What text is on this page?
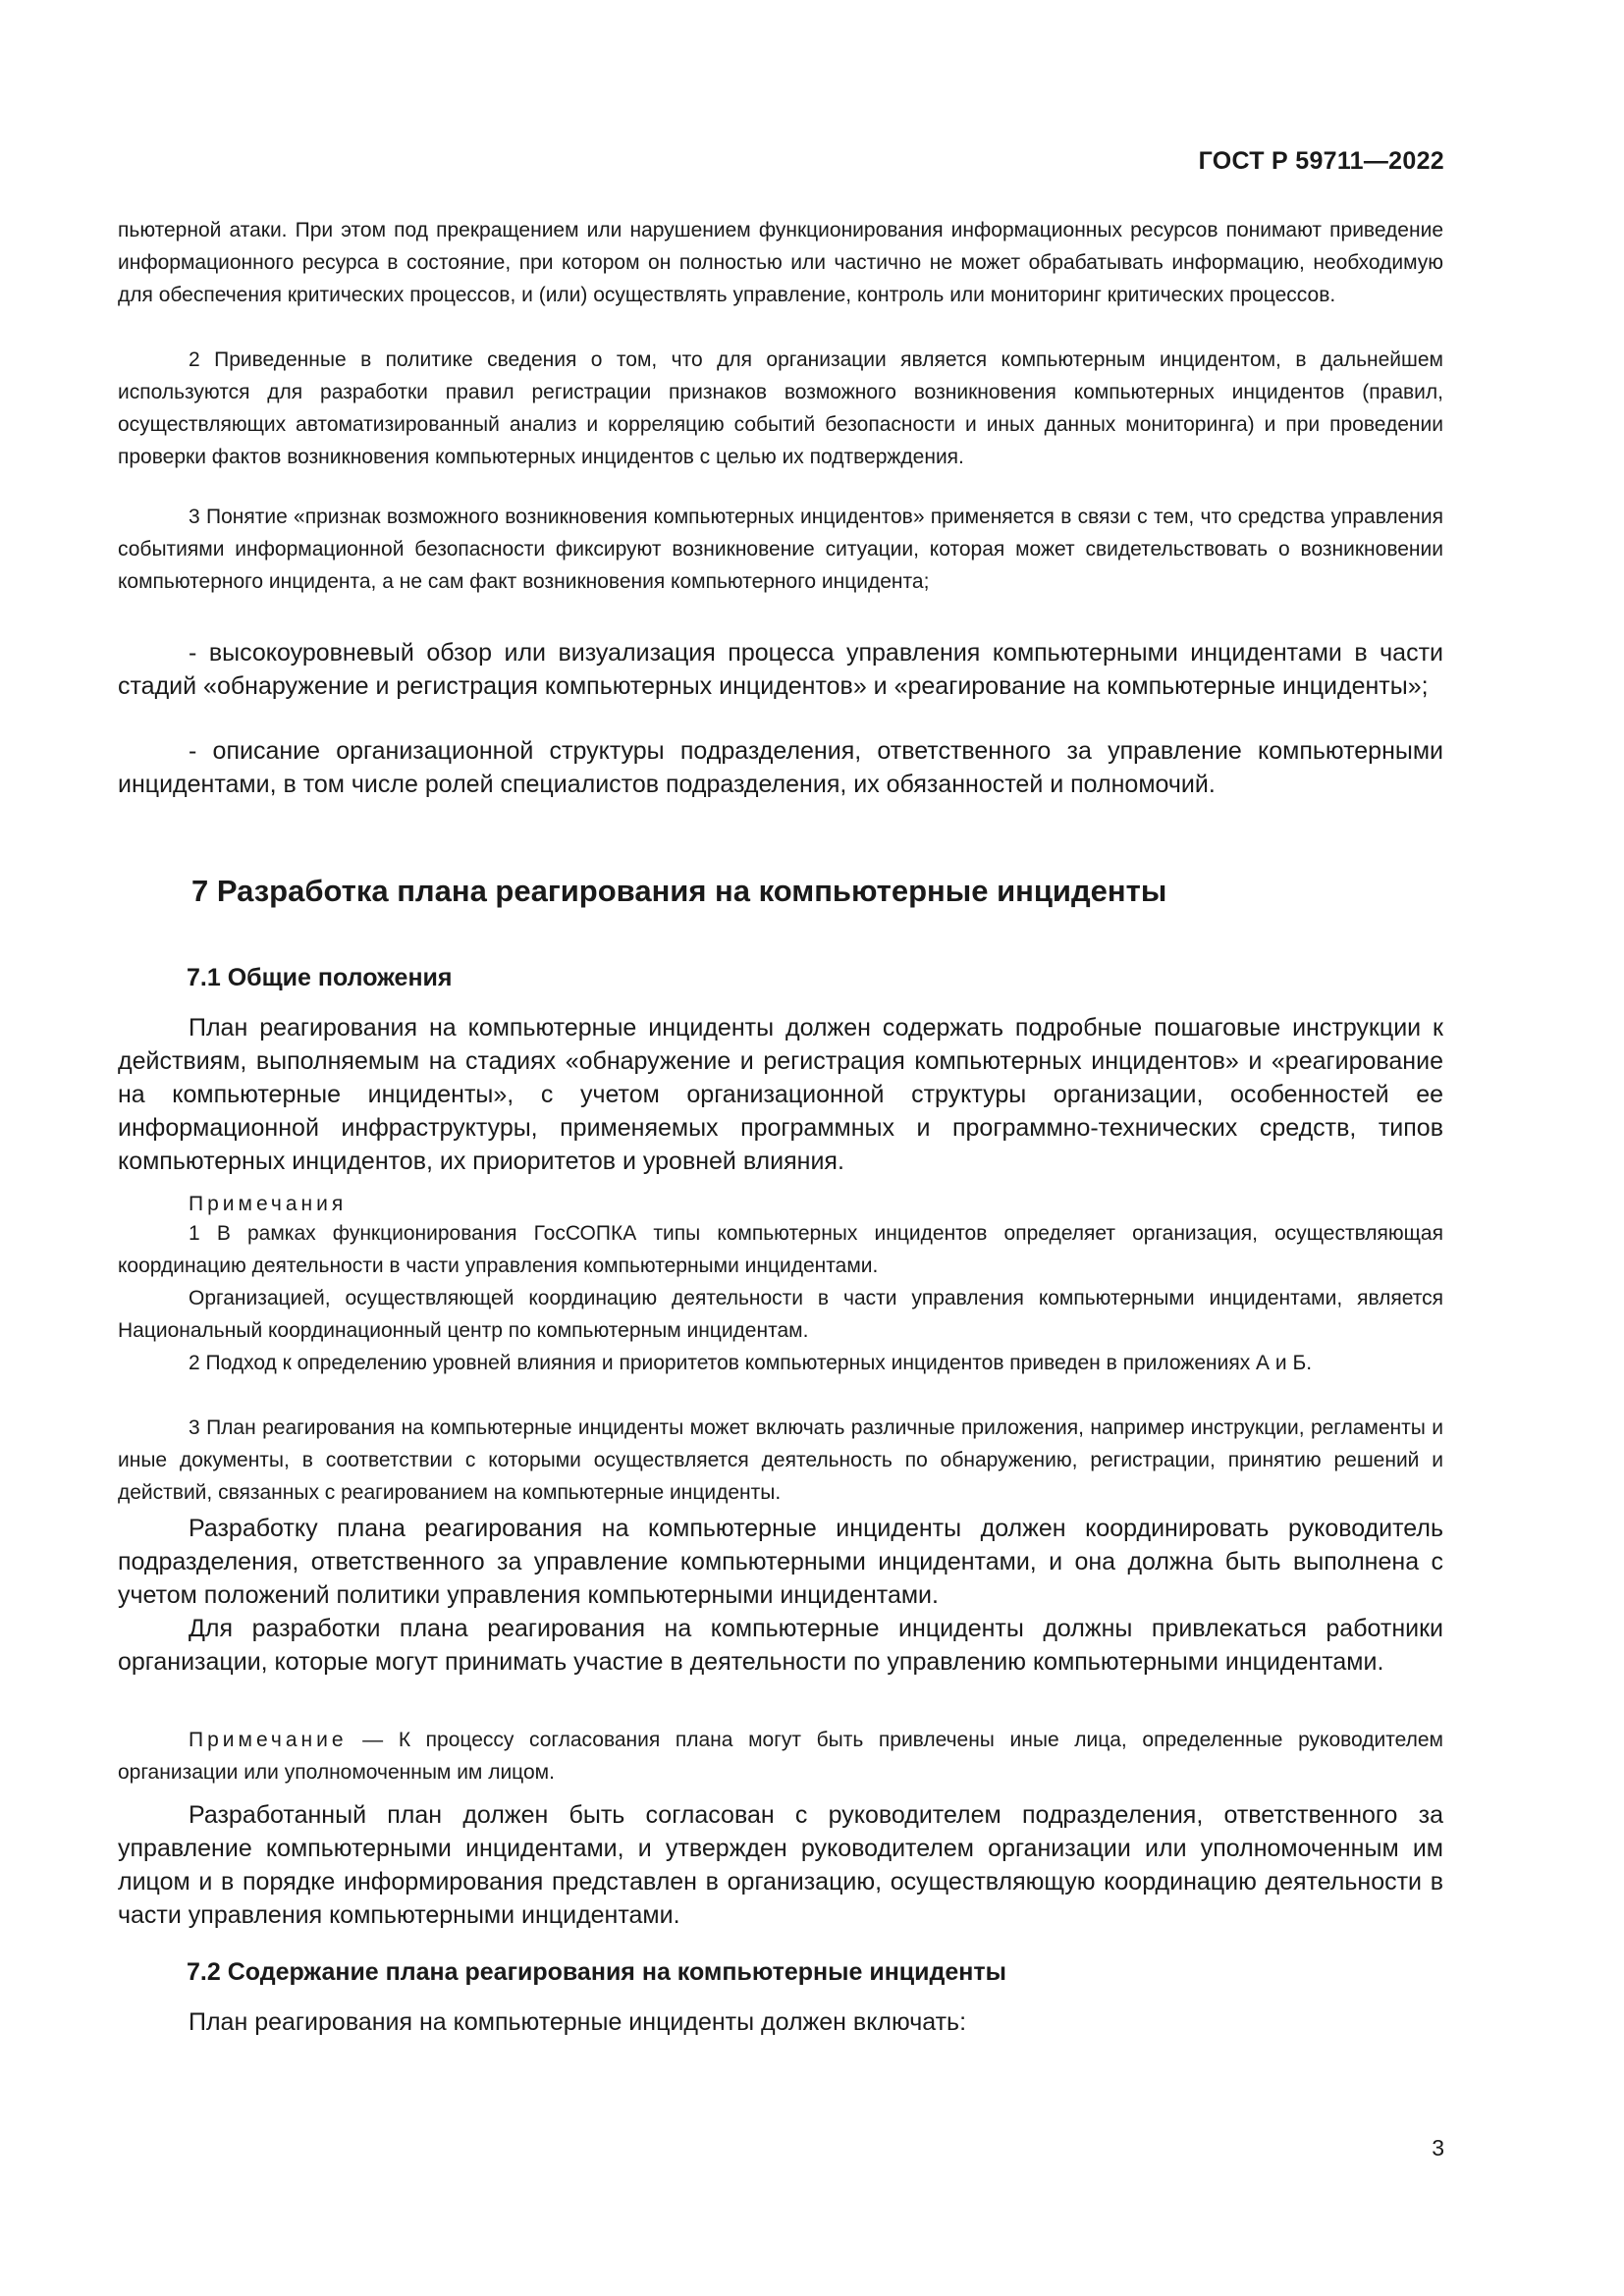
ГОСТ Р 59711—2022

пьютерной атаки. При этом под прекращением или нарушением функционирования информационных ресурсов понимают приведение информационного ресурса в состояние, при котором он полностью или частично не может обрабатывать информацию, необходимую для обеспечения критических процессов, и (или) осуществлять управление, контроль или мониторинг критических процессов.

2 Приведенные в политике сведения о том, что для организации является компьютерным инцидентом, в дальнейшем используются для разработки правил регистрации признаков возможного возникновения компьютерных инцидентов (правил, осуществляющих автоматизированный анализ и корреляцию событий безопасности и иных данных мониторинга) и при проведении проверки фактов возникновения компьютерных инцидентов с целью их подтверждения.

3 Понятие «признак возможного возникновения компьютерных инцидентов» применяется в связи с тем, что средства управления событиями информационной безопасности фиксируют возникновение ситуации, которая может свидетельствовать о возникновении компьютерного инцидента, а не сам факт возникновения компьютерного инцидента;

- высокоуровневый обзор или визуализация процесса управления компьютерными инцидентами в части стадий «обнаружение и регистрация компьютерных инцидентов» и «реагирование на компьютерные инциденты»;

- описание организационной структуры подразделения, ответственного за управление компьютерными инцидентами, в том числе ролей специалистов подразделения, их обязанностей и полномочий.

7 Разработка плана реагирования на компьютерные инциденты
7.1 Общие положения

План реагирования на компьютерные инциденты должен содержать подробные пошаговые инструкции к действиям, выполняемым на стадиях «обнаружение и регистрация компьютерных инцидентов» и «реагирование на компьютерные инциденты», с учетом организационной структуры организации, особенностей ее информационной инфраструктуры, применяемых программных и программно-технических средств, типов компьютерных инцидентов, их приоритетов и уровней влияния.

Примечания

1 В рамках функционирования ГосСОПКА типы компьютерных инцидентов определяет организация, осуществляющая координацию деятельности в части управления компьютерными инцидентами.

Организацией, осуществляющей координацию деятельности в части управления компьютерными инцидентами, является Национальный координационный центр по компьютерным инцидентам.

2 Подход к определению уровней влияния и приоритетов компьютерных инцидентов приведен в приложениях А и Б.

3 План реагирования на компьютерные инциденты может включать различные приложения, например инструкции, регламенты и иные документы, в соответствии с которыми осуществляется деятельность по обнаружению, регистрации, принятию решений и действий, связанных с реагированием на компьютерные инциденты.

Разработку плана реагирования на компьютерные инциденты должен координировать руководитель подразделения, ответственного за управление компьютерными инцидентами, и она должна быть выполнена с учетом положений политики управления компьютерными инцидентами.

Для разработки плана реагирования на компьютерные инциденты должны привлекаться работники организации, которые могут принимать участие в деятельности по управлению компьютерными инцидентами.

Примечание — К процессу согласования плана могут быть привлечены иные лица, определенные руководителем организации или уполномоченным им лицом.

Разработанный план должен быть согласован с руководителем подразделения, ответственного за управление компьютерными инцидентами, и утвержден руководителем организации или уполномоченным им лицом и в порядке информирования представлен в организацию, осуществляющую координацию деятельности в части управления компьютерными инцидентами.

7.2 Содержание плана реагирования на компьютерные инциденты

План реагирования на компьютерные инциденты должен включать:

3
